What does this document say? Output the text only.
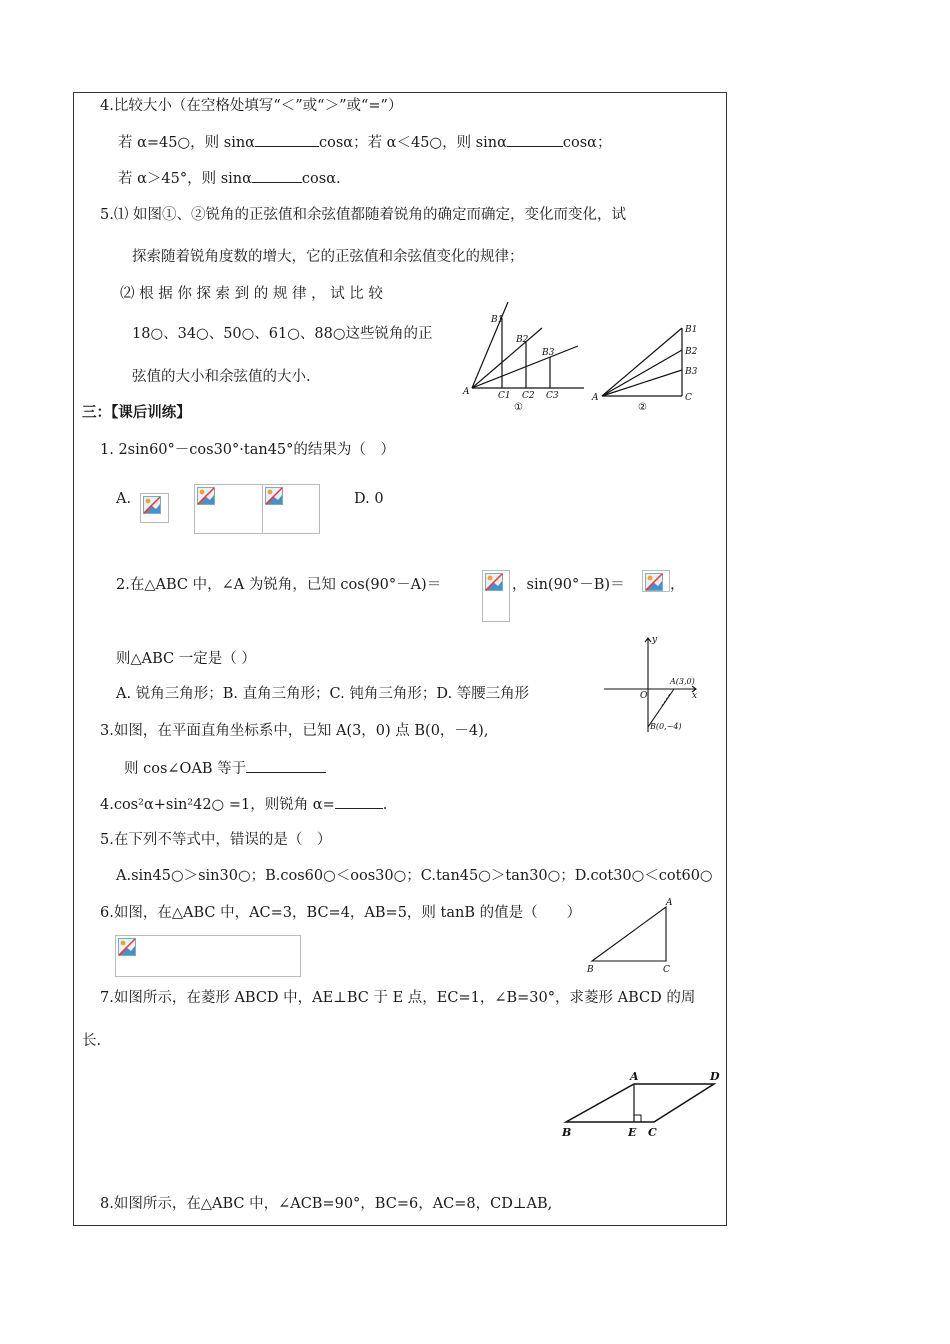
4.比较大小（在空格处填写“＜”或“＞”或“=”）
若 α=45○，则 sinα	cosα；若 α＜45○，则 sinα	cosα；
若 α＞45°，则 sinα	cosα.
5.⑴ 如图①、②锐角的正弦值和余弦值都随着锐角的确定而确定，变化而变化，试
探索随着锐角度数的增大，它的正弦值和余弦值变化的规律；
⑵ 根 据 你 探 索 到 的 规 律 ， 试 比 较
18○、34○、50○、61○、88○这些锐角的正
弦值的大小和余弦值的大小.
A
B1
B2
B3
C1 C2 C3
①
A
B1
B2
B3
C
②
三：【课后训练】
1. 2sin60°－cos30°·tan45°的结果为（　）
A.	D. 0
2.在△ABC 中，∠A 为锐角，已知 cos(90°－A)＝	，sin(90°－B)＝	，
则△ABC 一定是（ ）
A. 锐角三角形；B. 直角三角形；C. 钝角三角形；D. 等腰三角形
y
x
O
A(3,0)
B(0,−4)
3.如图，在平面直角坐标系中，已知 A(3，0) 点 B(0，－4),
则 cos∠OAB 等于
4.cos²α+sin²42○ =1，则锐角 α=	.
5.在下列不等式中，错误的是（　）
A.sin45○＞sin30○；B.cos60○＜oos30○；C.tan45○＞tan30○；D.cot30○＜cot60○
6.如图，在△ABC 中，AC=3，BC=4，AB=5，则 tanB 的值是（　　）
A
B	C
7.如图所示，在菱形 ABCD 中，AE⊥BC 于 E 点，EC=1，∠B=30°，求菱形 ABCD 的周
长.
A	D
B	E C
8.如图所示，在△ABC 中，∠ACB=90°，BC=6，AC=8，CD⊥AB,
